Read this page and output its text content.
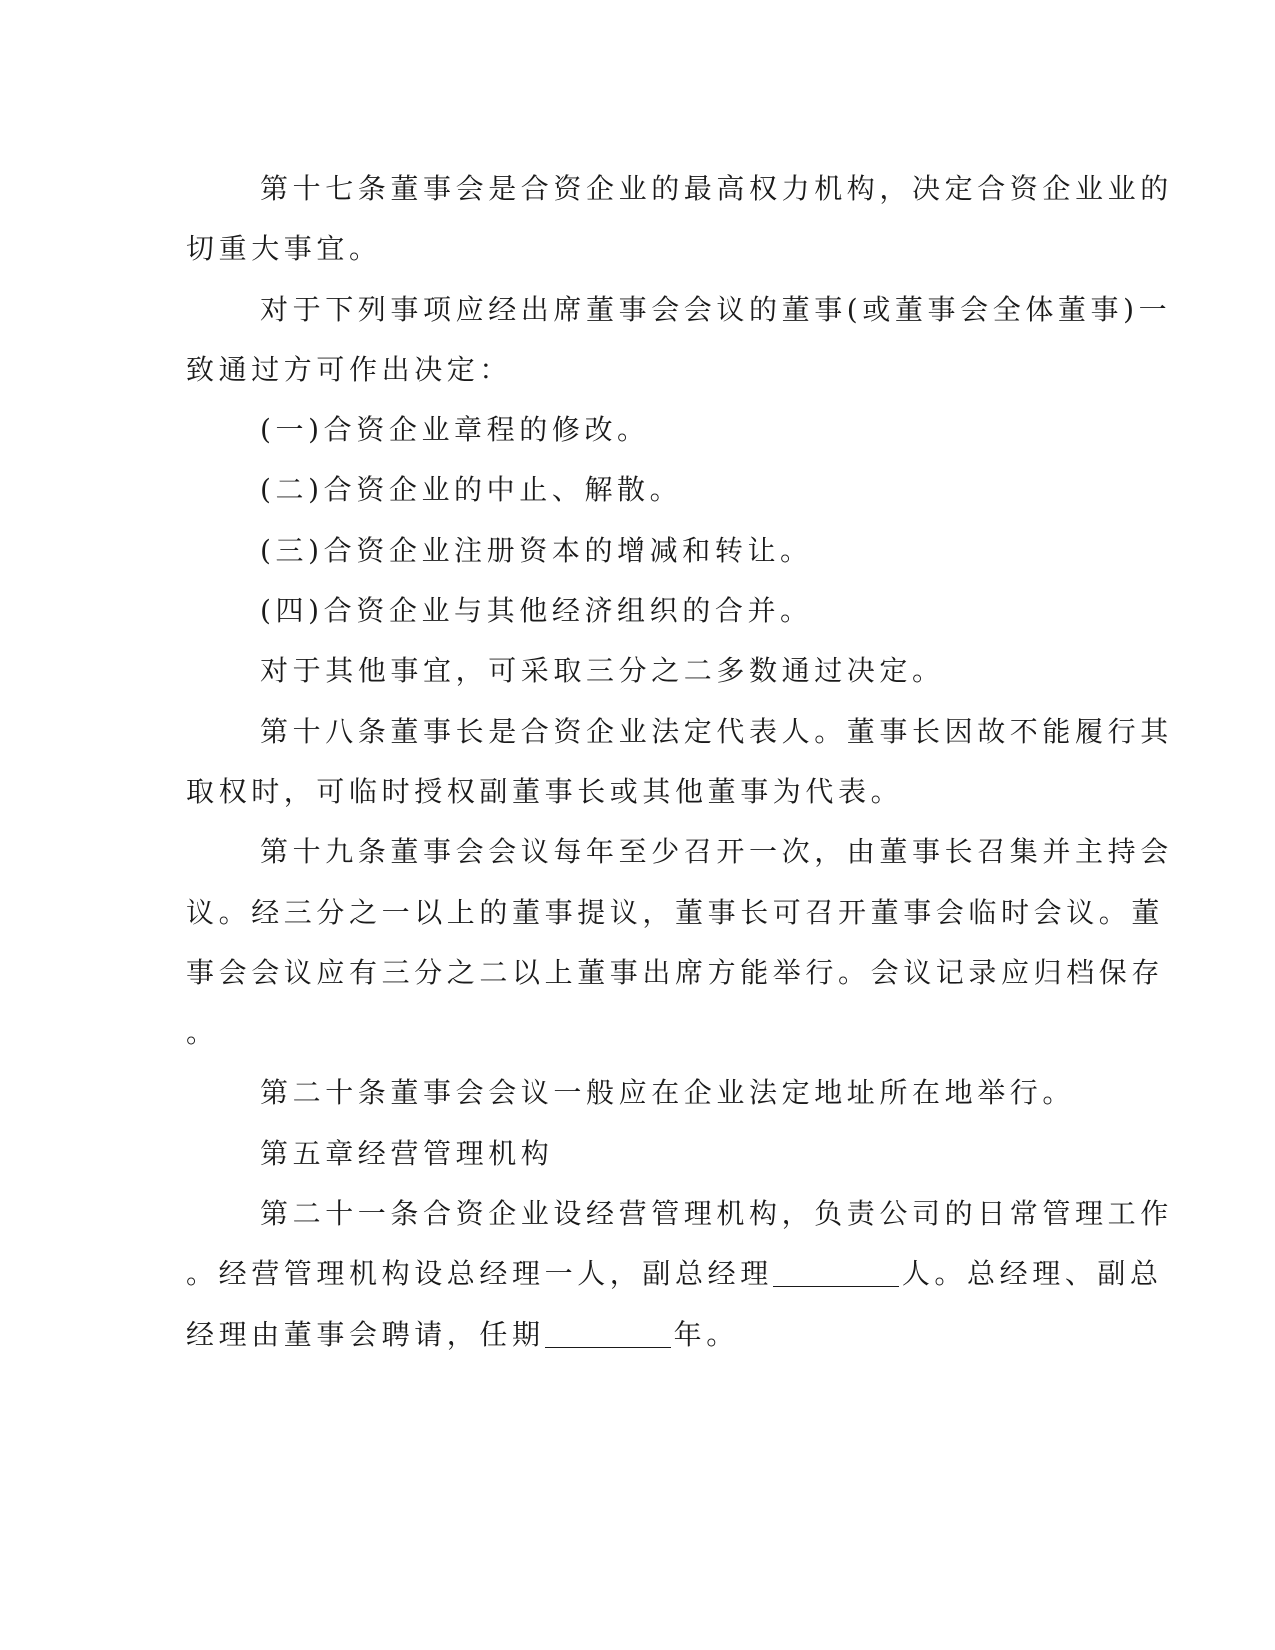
第十七条董事会是合资企业的最高权力机构，决定合资企业业的
切重大事宜。
对于下列事项应经出席董事会会议的董事(或董事会全体董事)一
致通过方可作出决定：
(一)合资企业章程的修改。
(二)合资企业的中止、解散。
(三)合资企业注册资本的增减和转让。
(四)合资企业与其他经济组织的合并。
对于其他事宜，可采取三分之二多数通过决定。
第十八条董事长是合资企业法定代表人。董事长因故不能履行其
取权时，可临时授权副董事长或其他董事为代表。
第十九条董事会会议每年至少召开一次，由董事长召集并主持会
议。经三分之一以上的董事提议，董事长可召开董事会临时会议。董
事会会议应有三分之二以上董事出席方能举行。会议记录应归档保存
。
第二十条董事会会议一般应在企业法定地址所在地举行。
第五章经营管理机构
第二十一条合资企业设经营管理机构，负责公司的日常管理工作
。经营管理机构设总经理一人，副总经理	人。总经理、副总
经理由董事会聘请，任期	年。
